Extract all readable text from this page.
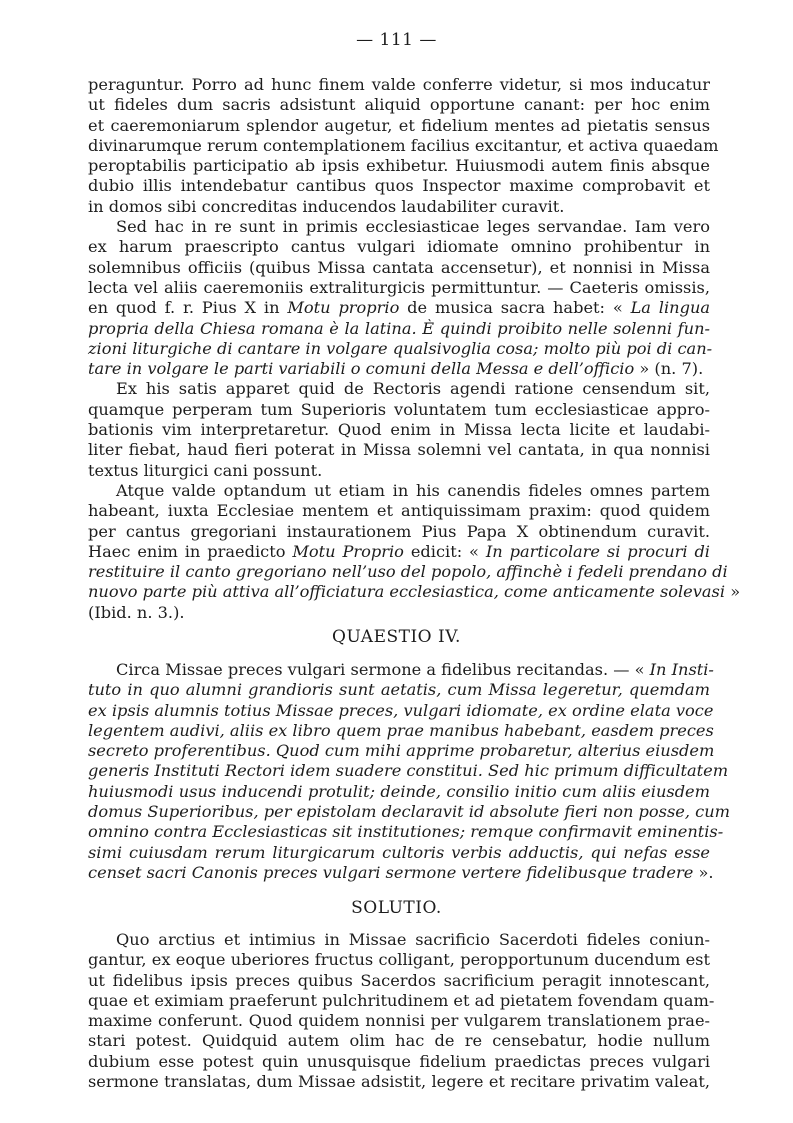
— 111 —
peraguntur. Porro ad hunc finem valde conferre videtur, si mos inducatur
ut fideles dum sacris adsistunt aliquid opportune canant: per hoc enim
et caeremoniarum splendor augetur, et fidelium mentes ad pietatis sensus
divinarumque rerum contemplationem facilius excitantur, et activa quaedam
peroptabilis participatio ab ipsis exhibetur. Huiusmodi autem finis absque
dubio illis intendebatur cantibus quos Inspector maxime comprobavit et
in domos sibi concreditas inducendos laudabiliter curavit.
Sed hac in re sunt in primis ecclesiasticae leges servandae. Iam vero
ex harum praescripto cantus vulgari idiomate omnino prohibentur in
solemnibus officiis (quibus Missa cantata accensetur), et nonnisi in Missa
lecta vel aliis caeremoniis extraliturgicis permittuntur. — Caeteris omissis,
en quod f. r. Pius X in Motu proprio de musica sacra habet: « La lingua
propria della Chiesa romana è la latina. È quindi proibito nelle solenni fun-
zioni liturgiche di cantare in volgare qualsivoglia cosa; molto più poi di can-
tare in volgare le parti variabili o comuni della Messa e dell’officio » (n. 7).
Ex his satis apparet quid de Rectoris agendi ratione censendum sit,
quamque perperam tum Superioris voluntatem tum ecclesiasticae appro-
bationis vim interpretaretur. Quod enim in Missa lecta licite et laudabi-
liter fiebat, haud fieri poterat in Missa solemni vel cantata, in qua nonnisi
textus liturgici cani possunt.
Atque valde optandum ut etiam in his canendis fideles omnes partem
habeant, iuxta Ecclesiae mentem et antiquissimam praxim: quod quidem
per cantus gregoriani instaurationem Pius Papa X obtinendum curavit.
Haec enim in praedicto Motu Proprio edicit: « In particolare si procuri di
restituire il canto gregoriano nell’uso del popolo, affinchè i fedeli prendano di
nuovo parte più attiva all’officiatura ecclesiastica, come anticamente solevasi »
(Ibid. n. 3.).
QUAESTIO IV.
Circa Missae preces vulgari sermone a fidelibus recitandas. — « In Insti-
tuto in quo alumni grandioris sunt aetatis, cum Missa legeretur, quemdam
ex ipsis alumnis totius Missae preces, vulgari idiomate, ex ordine elata voce
legentem audivi, aliis ex libro quem prae manibus habebant, easdem preces
secreto proferentibus. Quod cum mihi apprime probaretur, alterius eiusdem
generis Instituti Rectori idem suadere constitui. Sed hic primum difficultatem
huiusmodi usus inducendi protulit; deinde, consilio initio cum aliis eiusdem
domus Superioribus, per epistolam declaravit id absolute fieri non posse, cum
omnino contra Ecclesiasticas sit institutiones; remque confirmavit eminentis-
simi cuiusdam rerum liturgicarum cultoris verbis adductis, qui nefas esse
censet sacri Canonis preces vulgari sermone vertere fidelibusque tradere ».
SOLUTIO.
Quo arctius et intimius in Missae sacrificio Sacerdoti fideles coniun-
gantur, ex eoque uberiores fructus colligant, peropportunum ducendum est
ut fidelibus ipsis preces quibus Sacerdos sacrificium peragit innotescant,
quae et eximiam praeferunt pulchritudinem et ad pietatem fovendam quam-
maxime conferunt. Quod quidem nonnisi per vulgarem translationem prae-
stari potest. Quidquid autem olim hac de re censebatur, hodie nullum
dubium esse potest quin unusquisque fidelium praedictas preces vulgari
sermone translatas, dum Missae adsistit, legere et recitare privatim valeat,
